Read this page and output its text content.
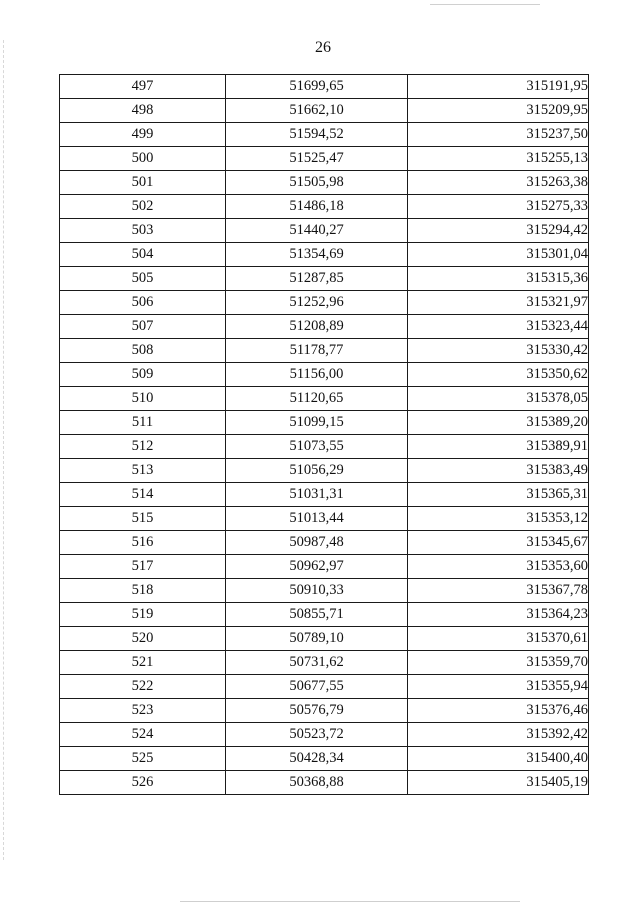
26
497	51699,65	315191,95
498	51662,10	315209,95
499	51594,52	315237,50
500	51525,47	315255,13
501	51505,98	315263,38
502	51486,18	315275,33
503	51440,27	315294,42
504	51354,69	315301,04
505	51287,85	315315,36
506	51252,96	315321,97
507	51208,89	315323,44
508	51178,77	315330,42
509	51156,00	315350,62
510	51120,65	315378,05
511	51099,15	315389,20
512	51073,55	315389,91
513	51056,29	315383,49
514	51031,31	315365,31
515	51013,44	315353,12
516	50987,48	315345,67
517	50962,97	315353,60
518	50910,33	315367,78
519	50855,71	315364,23
520	50789,10	315370,61
521	50731,62	315359,70
522	50677,55	315355,94
523	50576,79	315376,46
524	50523,72	315392,42
525	50428,34	315400,40
526	50368,88	315405,19
